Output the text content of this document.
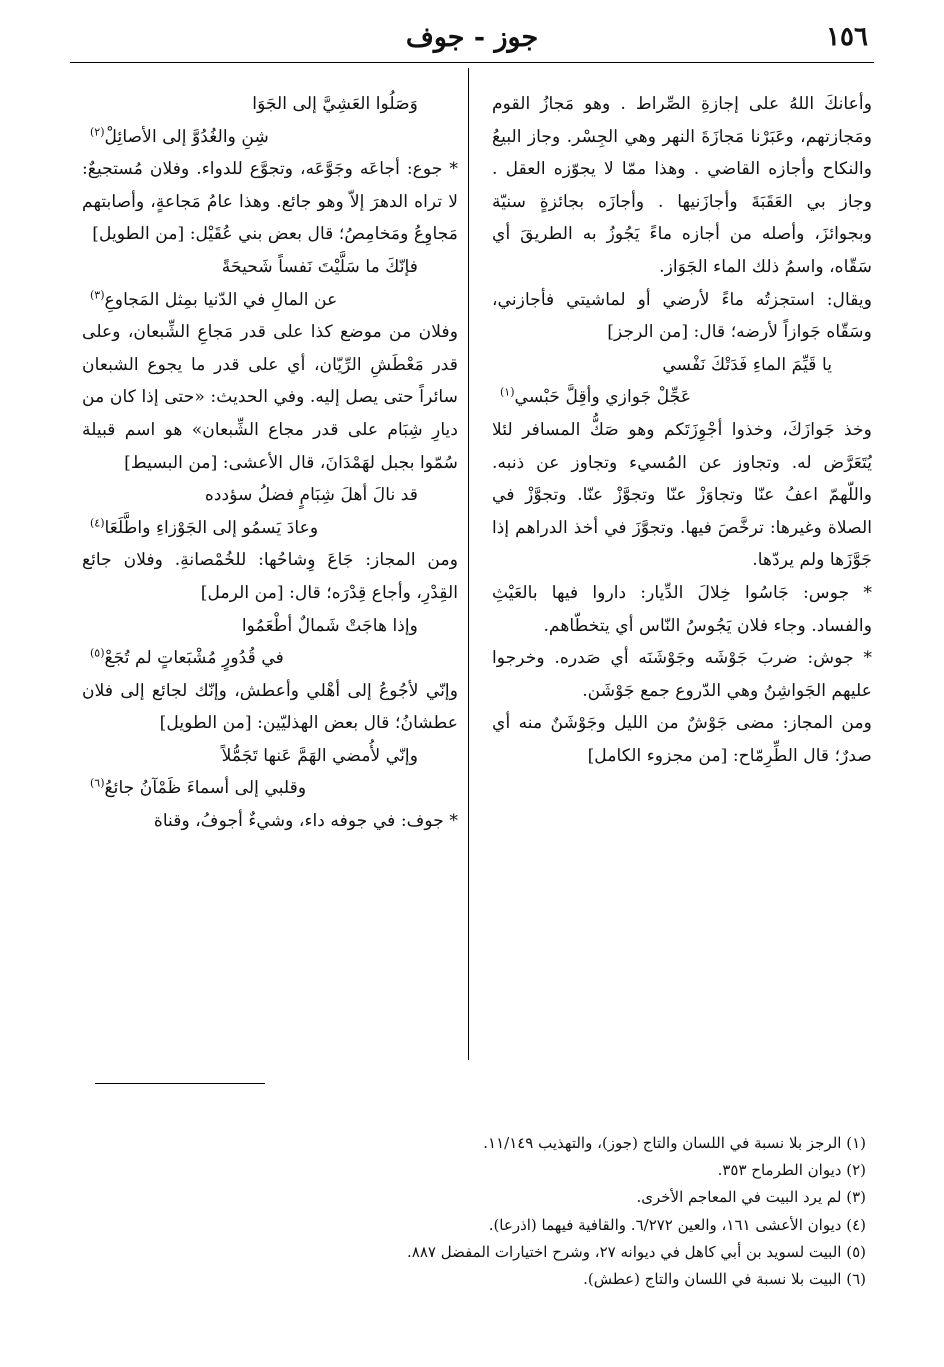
١٥٦
جوز - جوف

وأعانكَ اللهُ على إجازةِ الصِّراط . وهو مَجازُ القوم ومَجازتهم، وعَبَرْنا مَجازَةَ النهر وهي الجِسْر. وجاز البيعُ والنكاح وأجازه القاضي . وهذا ممّا لا يجوّزه العقل . وجاز بي العَقَبَةَ وأجازَنيها . وأجازَه بجائزةٍ سنيّة وبجوائزَ، وأصله من أجازه ماءً يَجُوزُ به الطريقَ أي سَقّاه، واسمُ ذلك الماء الجَوَاز.

ويقال: استجزتُه ماءً لأرضي أو لماشيتي فأجازني، وسَقّاه جَوازاً لأرضه؛ قال: [من الرجز]

يا قَيِّمَ الماءِ فَدَتْكَ نَفْسي

عَجِّلْ جَوازي وأقِلَّ حَبْسي$^{(١)}$

وخذ جَوازَكَ، وخذوا أجْوِزَتَكم وهو صَكُّ المسافر لئلا يُتَعَرَّض له. وتجاوز عن المُسيء وتجاوز عن ذنبه. واللّهمّ اعفُ عنّا وتجاوَزْ عنّا وتجوَّزْ عنّا. وتجوَّزْ في الصلاة وغيرها: ترخَّصَ فيها. وتجوَّزَ في أخذ الدراهم إذا جَوَّزَها ولم يردّها.

* جوس: جَاسُوا خِلالَ الدِّيار: داروا فيها بالعَيْثِ والفساد. وجاء فلان يَجُوسُ النّاس أي يتخطّاهم.

* جوش: ضربَ جَوْشَه وجَوْشَنَه أي صَدره. وخرجوا عليهم الجَواشِنُ وهي الدّروع جمع جَوْشَن.

ومن المجاز: مضى جَوْشٌ من الليل وجَوْشَنٌ منه أي صدرٌ؛ قال الطِّرِمّاح: [من مجزوء الكامل]

وَصَلُوا العَشِيَّ إلى الجَوَا

شِنِ والغُدُوَّ إلى الأصائِلْ$^{(٢)}$

* جوع: أجاعَه وجَوَّعَه، وتجوَّع للدواء. وفلان مُستجيعٌ: لا تراه الدهرَ إلاّ وهو جائع. وهذا عامُ مَجاعةٍ، وأصابتهم مَجاوِعُ ومَخامِصُ؛ قال بعض بني عُقَيْل: [من الطويل]

فإنّكَ ما سَلَّيْتَ نَفساً شَحيحَةً

عن المالِ في الدّنيا بمِثل المَجاوعِ$^{(٣)}$

وفلان من موضع كذا على قدر مَجاعِ الشِّبعان، وعلى قدر مَعْطَشِ الرِّيّان، أي على قدر ما يجوع الشبعان سائراً حتى يصل إليه. وفي الحديث: «حتى إذا كان من ديارِ شِبَام على قدر مجاع الشِّبعان» هو اسم قبيلة سُمّوا بجبل لهَمْدَانَ، قال الأعشى: [من البسيط]

قد نالَ أهلَ شِبَامٍ فضلُ سؤدده

وعادَ يَسمُو إلى الجَوْزاءِ واطَّلَعَا$^{(٤)}$

ومن المجاز: جَاعَ وِشاحُها: للخُمْصانةِ. وفلان جائع القِدْرِ، وأجاع قِدْرَه؛ قال: [من الرمل]

وإذا هاجَتْ شَمالٌ أطْعَمُوا

في قُدُورٍ مُشْبَعاتٍ لم تُجَعْ$^{(٥)}$

وإنّي لأجُوعُ إلى أهْلي وأعطش، وإنّك لجائع إلى فلان عطشانُ؛ قال بعض الهذليّين: [من الطويل]

وإنّي لأُمضي الهَمَّ عَنها تَجَمُّلاً

وقلبي إلى أسماءَ ظَمْآنُ جائعُ$^{(٦)}$

* جوف: في جوفه داء، وشيءٌ أجوفُ، وقناة

(١) الرجز بلا نسبة في اللسان والتاج (جوز)، والتهذيب ١١/١٤٩.
(٢) ديوان الطرماح ٣٥٣.
(٣) لم يرد البيت في المعاجم الأخرى.
(٤) ديوان الأعشى ١٦١، والعين ٦/٢٧٢. والقافية فيهما (اذرعا).
(٥) البيت لسويد بن أبي كاهل في ديوانه ٢٧، وشرح اختيارات المفضل ٨٨٧.
(٦) البيت بلا نسبة في اللسان والتاج (عطش).
